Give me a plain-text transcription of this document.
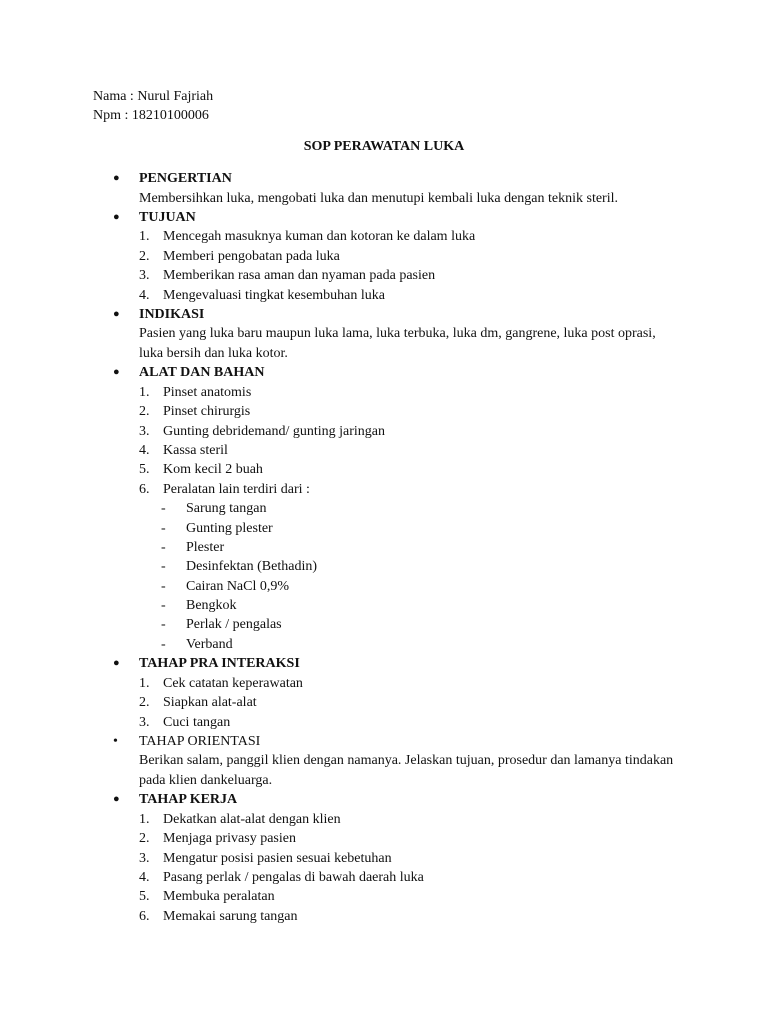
Nama : Nurul Fajriah
Npm : 18210100006
SOP PERAWATAN LUKA
● PENGERTIAN
Membersihkan luka, mengobati luka dan menutupi kembali luka dengan teknik steril.
● TUJUAN
1. Mencegah masuknya kuman dan kotoran ke dalam luka
2. Memberi pengobatan pada luka
3. Memberikan rasa aman dan nyaman pada pasien
4. Mengevaluasi tingkat kesembuhan luka
● INDIKASI
Pasien yang luka baru maupun luka lama, luka terbuka, luka dm, gangrene, luka post oprasi, luka bersih dan luka kotor.
● ALAT DAN BAHAN
1. Pinset anatomis
2. Pinset chirurgis
3. Gunting debridemand/ gunting jaringan
4. Kassa steril
5. Kom kecil 2 buah
6. Peralatan lain terdiri dari :
- Sarung tangan
- Gunting plester
- Plester
- Desinfektan (Bethadin)
- Cairan NaCl 0,9%
- Bengkok
- Perlak / pengalas
- Verband
● TAHAP PRA INTERAKSI
1. Cek catatan keperawatan
2. Siapkan alat-alat
3. Cuci tangan
• TAHAP ORIENTASI
Berikan salam, panggil klien dengan namanya. Jelaskan tujuan, prosedur dan lamanya tindakan pada klien dankeluarga.
● TAHAP KERJA
1. Dekatkan alat-alat dengan klien
2. Menjaga privasy pasien
3. Mengatur posisi pasien sesuai kebetuhan
4. Pasang perlak / pengalas di bawah daerah luka
5. Membuka peralatan
6. Memakai sarung tangan
